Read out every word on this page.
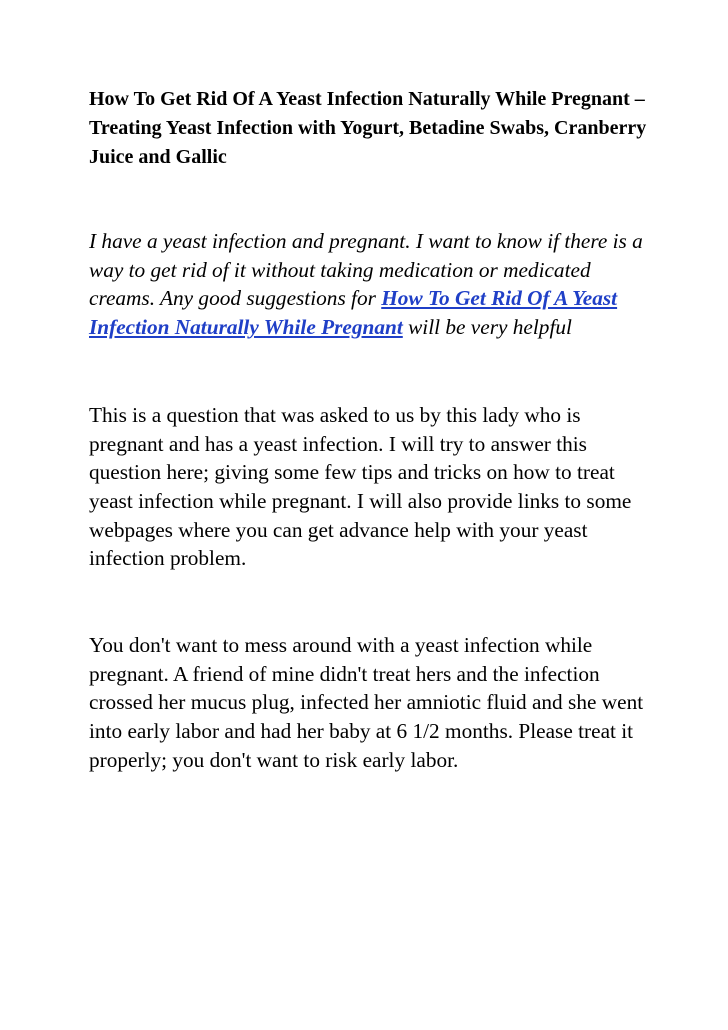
How To Get Rid Of A Yeast Infection Naturally While Pregnant – Treating Yeast Infection with Yogurt, Betadine Swabs, Cranberry Juice and Gallic

I have a yeast infection and pregnant. I want to know if there is a way to get rid of it without taking medication or medicated creams. Any good suggestions for How To Get Rid Of A Yeast Infection Naturally While Pregnant will be very helpful

This is a question that was asked to us by this lady who is pregnant and has a yeast infection. I will try to answer this question here; giving some few tips and tricks on how to treat yeast infection while pregnant. I will also provide links to some webpages where you can get advance help with your yeast infection problem.

You don't want to mess around with a yeast infection while pregnant. A friend of mine didn't treat hers and the infection crossed her mucus plug, infected her amniotic fluid and she went into early labor and had her baby at 6 1/2 months. Please treat it properly; you don't want to risk early labor.
